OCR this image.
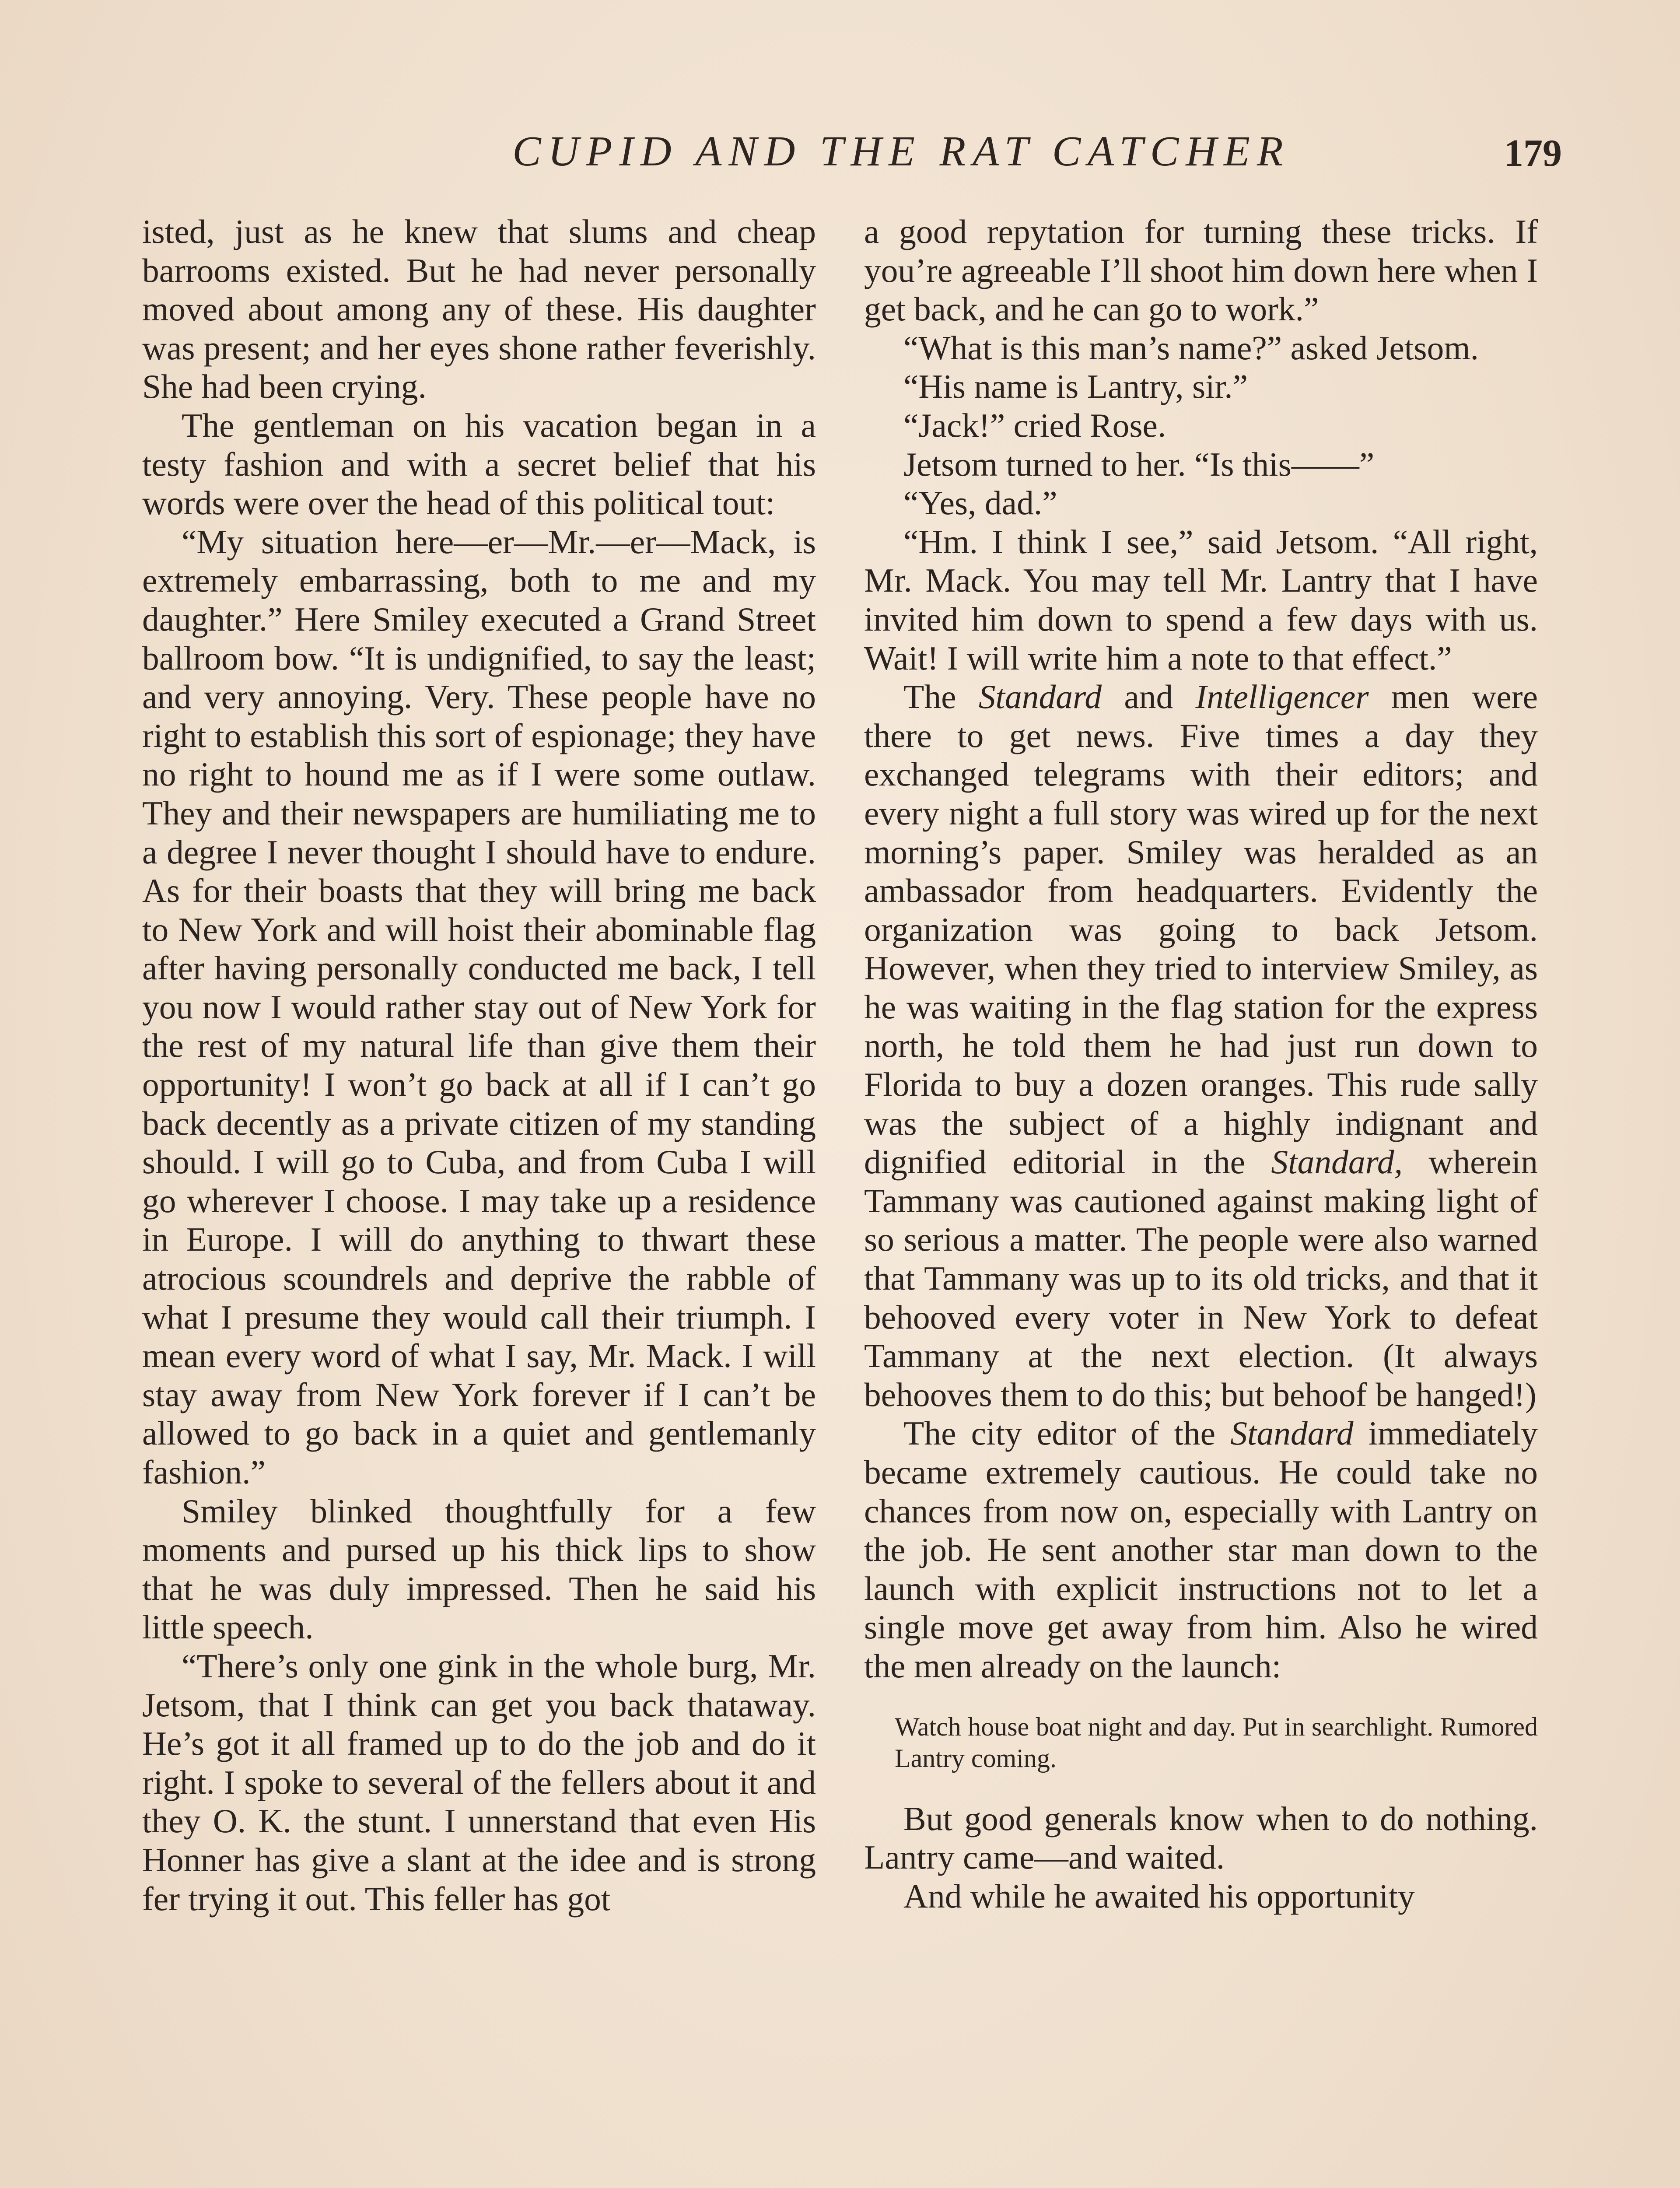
CUPID AND THE RAT CATCHER	179

isted, just as he knew that slums and cheap barrooms existed. But he had never personally moved about among any of these. His daughter was present; and her eyes shone rather feverishly. She had been crying.

The gentleman on his vacation began in a testy fashion and with a secret belief that his words were over the head of this political tout:

“My situation here—er—Mr.—er—Mack, is extremely embarrassing, both to me and my daughter.” Here Smiley executed a Grand Street ballroom bow. “It is undignified, to say the least; and very annoying. Very. These people have no right to establish this sort of espionage; they have no right to hound me as if I were some outlaw. They and their newspapers are humiliating me to a degree I never thought I should have to endure. As for their boasts that they will bring me back to New York and will hoist their abominable flag after having personally conducted me back, I tell you now I would rather stay out of New York for the rest of my natural life than give them their opportunity! I won’t go back at all if I can’t go back decently as a private citizen of my standing should. I will go to Cuba, and from Cuba I will go wherever I choose. I may take up a residence in Europe. I will do anything to thwart these atrocious scoundrels and deprive the rabble of what I presume they would call their triumph. I mean every word of what I say, Mr. Mack. I will stay away from New York forever if I can’t be allowed to go back in a quiet and gentlemanly fashion.”

Smiley blinked thoughtfully for a few moments and pursed up his thick lips to show that he was duly impressed. Then he said his little speech.

“There’s only one gink in the whole burg, Mr. Jetsom, that I think can get you back thataway. He’s got it all framed up to do the job and do it right. I spoke to several of the fellers about it and they O. K. the stunt. I unnerstand that even His Honner has give a slant at the idee and is strong fer trying it out. This feller has got

a good repytation for turning these tricks. If you’re agreeable I’ll shoot him down here when I get back, and he can go to work.”

“What is this man’s name?” asked Jetsom.

“His name is Lantry, sir.”

“Jack!” cried Rose.

Jetsom turned to her. “Is this——”

“Yes, dad.”

“Hm. I think I see,” said Jetsom. “All right, Mr. Mack. You may tell Mr. Lantry that I have invited him down to spend a few days with us. Wait! I will write him a note to that effect.”

The Standard and Intelligencer men were there to get news. Five times a day they exchanged telegrams with their editors; and every night a full story was wired up for the next morning’s paper. Smiley was heralded as an ambassador from headquarters. Evidently the organization was going to back Jetsom. However, when they tried to interview Smiley, as he was waiting in the flag station for the express north, he told them he had just run down to Florida to buy a dozen oranges. This rude sally was the subject of a highly indignant and dignified editorial in the Standard, wherein Tammany was cautioned against making light of so serious a matter. The people were also warned that Tammany was up to its old tricks, and that it behooved every voter in New York to defeat Tammany at the next election. (It always behooves them to do this; but behoof be hanged!)

The city editor of the Standard immediately became extremely cautious. He could take no chances from now on, especially with Lantry on the job. He sent another star man down to the launch with explicit instructions not to let a single move get away from him. Also he wired the men already on the launch:

Watch house boat night and day. Put in searchlight. Rumored Lantry coming.

But good generals know when to do nothing. Lantry came—and waited.

And while he awaited his opportunity
